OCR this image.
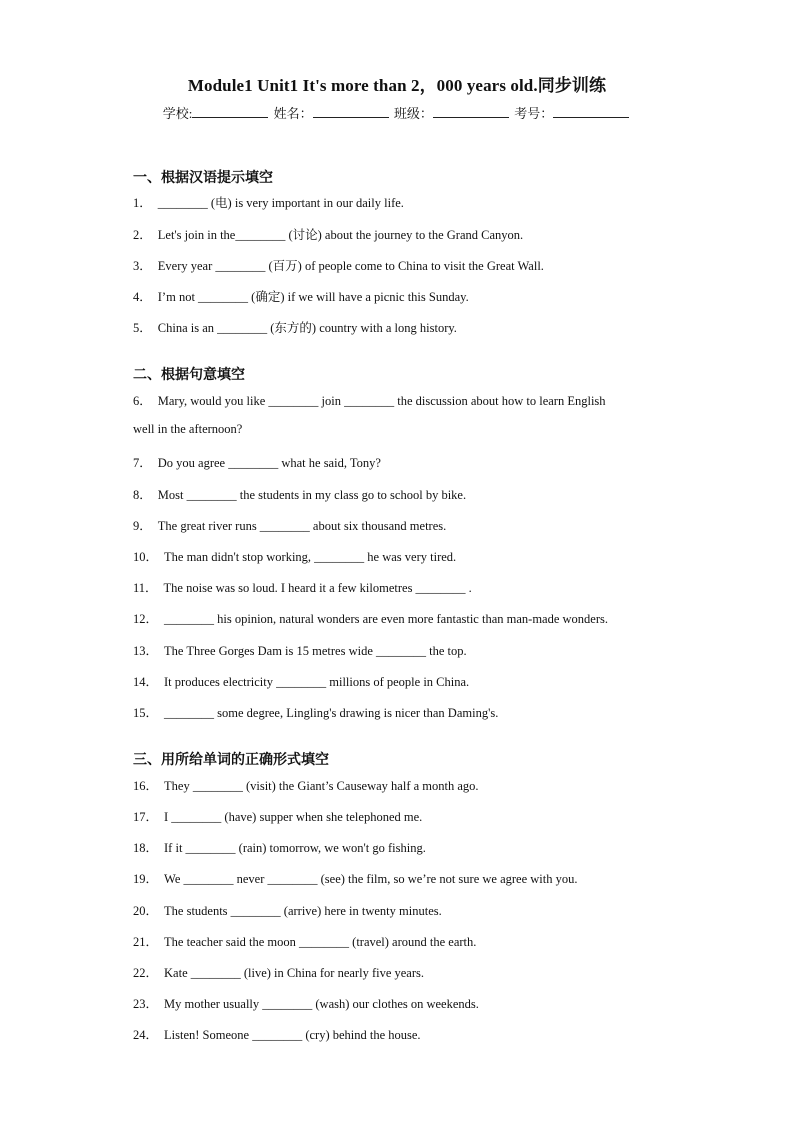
Module1 Unit1 It's more than 2，000 years old.同步训练
学校:	姓名：	班级：	考号：
一、根据汉语提示填空
1． ________ (电) is very important in our daily life.
2． Let's join in the________ (讨论) about the journey to the Grand Canyon.
3． Every year ________ (百万) of people come to China to visit the Great Wall.
4． I’m not ________ (确定) if we will have a picnic this Sunday.
5． China is an ________ (东方的) country with a long history.
二、根据句意填空
6． Mary, would you like ________ join ________ the discussion about how to learn English
well in the afternoon?
7． Do you agree ________ what he said, Tony?
8． Most ________ the students in my class go to school by bike.
9． The great river runs ________ about six thousand metres.
10． The man didn't stop working, ________ he was very tired.
11． The noise was so loud. I heard it a few kilometres ________ .
12． ________ his opinion, natural wonders are even more fantastic than man-made wonders.
13． The Three Gorges Dam is 15 metres wide ________ the top.
14． It produces electricity ________ millions of people in China.
15． ________ some degree, Lingling's drawing is nicer than Daming's.
三、用所给单词的正确形式填空
16． They ________ (visit) the Giant’s Causeway half a month ago.
17． I ________ (have) supper when she telephoned me.
18． If it ________ (rain) tomorrow, we won't go fishing.
19． We ________ never ________ (see) the film, so we’re not sure we agree with you.
20． The students ________ (arrive) here in twenty minutes.
21． The teacher said the moon ________ (travel) around the earth.
22． Kate ________ (live) in China for nearly five years.
23． My mother usually ________ (wash) our clothes on weekends.
24． Listen! Someone ________ (cry) behind the house.
